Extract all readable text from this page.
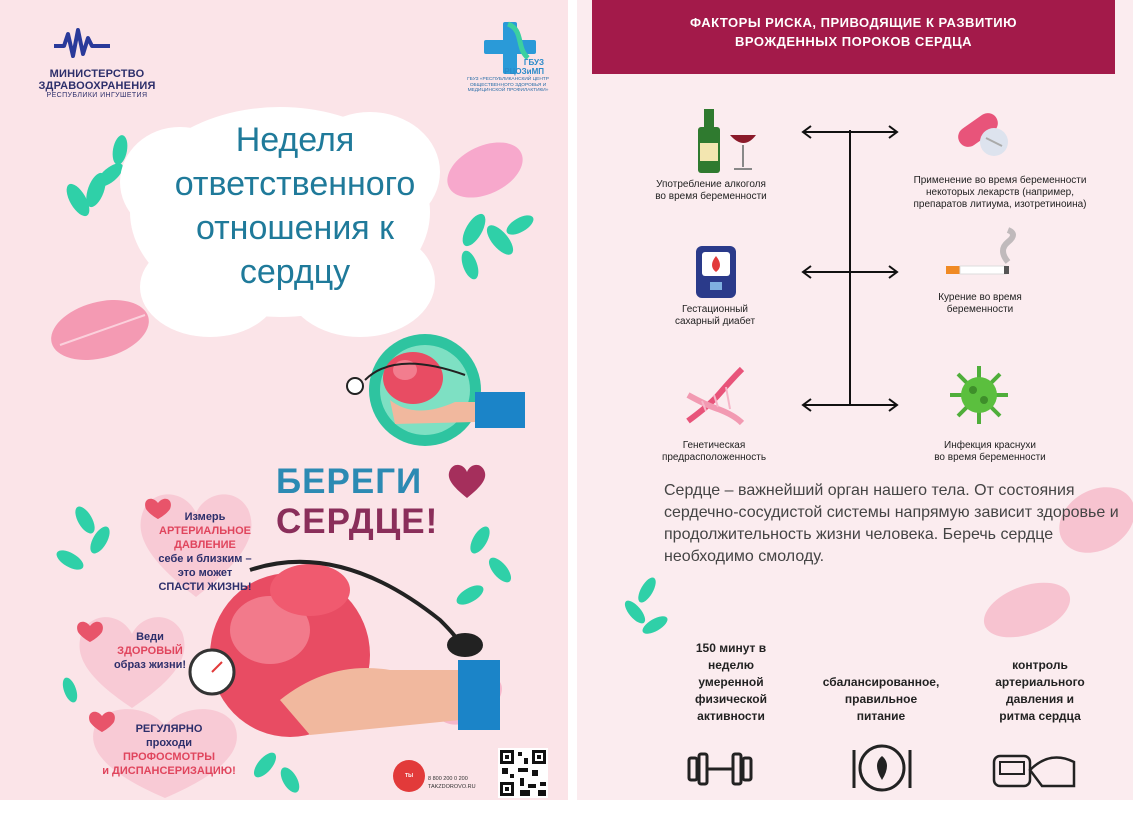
МИНИСТЕРСТВО
ЗДРАВООХРАНЕНИЯ
РЕСПУБЛИКИ ИНГУШЕТИЯ
ГБУЗ
РЦОЗиМП
ГБУЗ «РЕСПУБЛИКАНСКИЙ ЦЕНТР ОБЩЕСТВЕННОГО ЗДОРОВЬЯ И МЕДИЦИНСКОЙ ПРОФИЛАКТИКИ»
Неделя
ответственного
отношения к
сердцу
БЕРЕГИ
СЕРДЦЕ!
Измерь
АРТЕРИАЛЬНОЕ
ДАВЛЕНИЕ
себе и близким –
это может
СПАСТИ ЖИЗНЬ!
Веди
ЗДОРОВЫЙ
образ жизни!
РЕГУЛЯРНО
проходи
ПРОФОСМОТРЫ
и ДИСПАНСЕРИЗАЦИЮ!	ТЫ СИЛЬНЕЕ
8 800 200 0 200
TAKZDOROVO.RU
ФАКТОРЫ РИСКА, ПРИВОДЯЩИЕ К РАЗВИТИЮ
ВРОЖДЕННЫХ ПОРОКОВ СЕРДЦА
Употребление алкоголя
во время беременности
Применение во время беременности
некоторых лекарств (например,
препаратов литиума, изотретиноина)
Гестационный
сахарный диабет
Курение во время
беременности
Генетическая
предрасположенность
Инфекция краснухи
во время беременности
Сердце – важнейший орган нашего тела. От состояния сердечно-сосудистой системы напрямую зависит здоровье и продолжительность жизни человека. Беречь сердце необходимо смолоду.
150 минут в
неделю
умеренной
физической
активности
сбалансированное,
правильное
питание
контроль
артериального
давления и
ритма сердца
